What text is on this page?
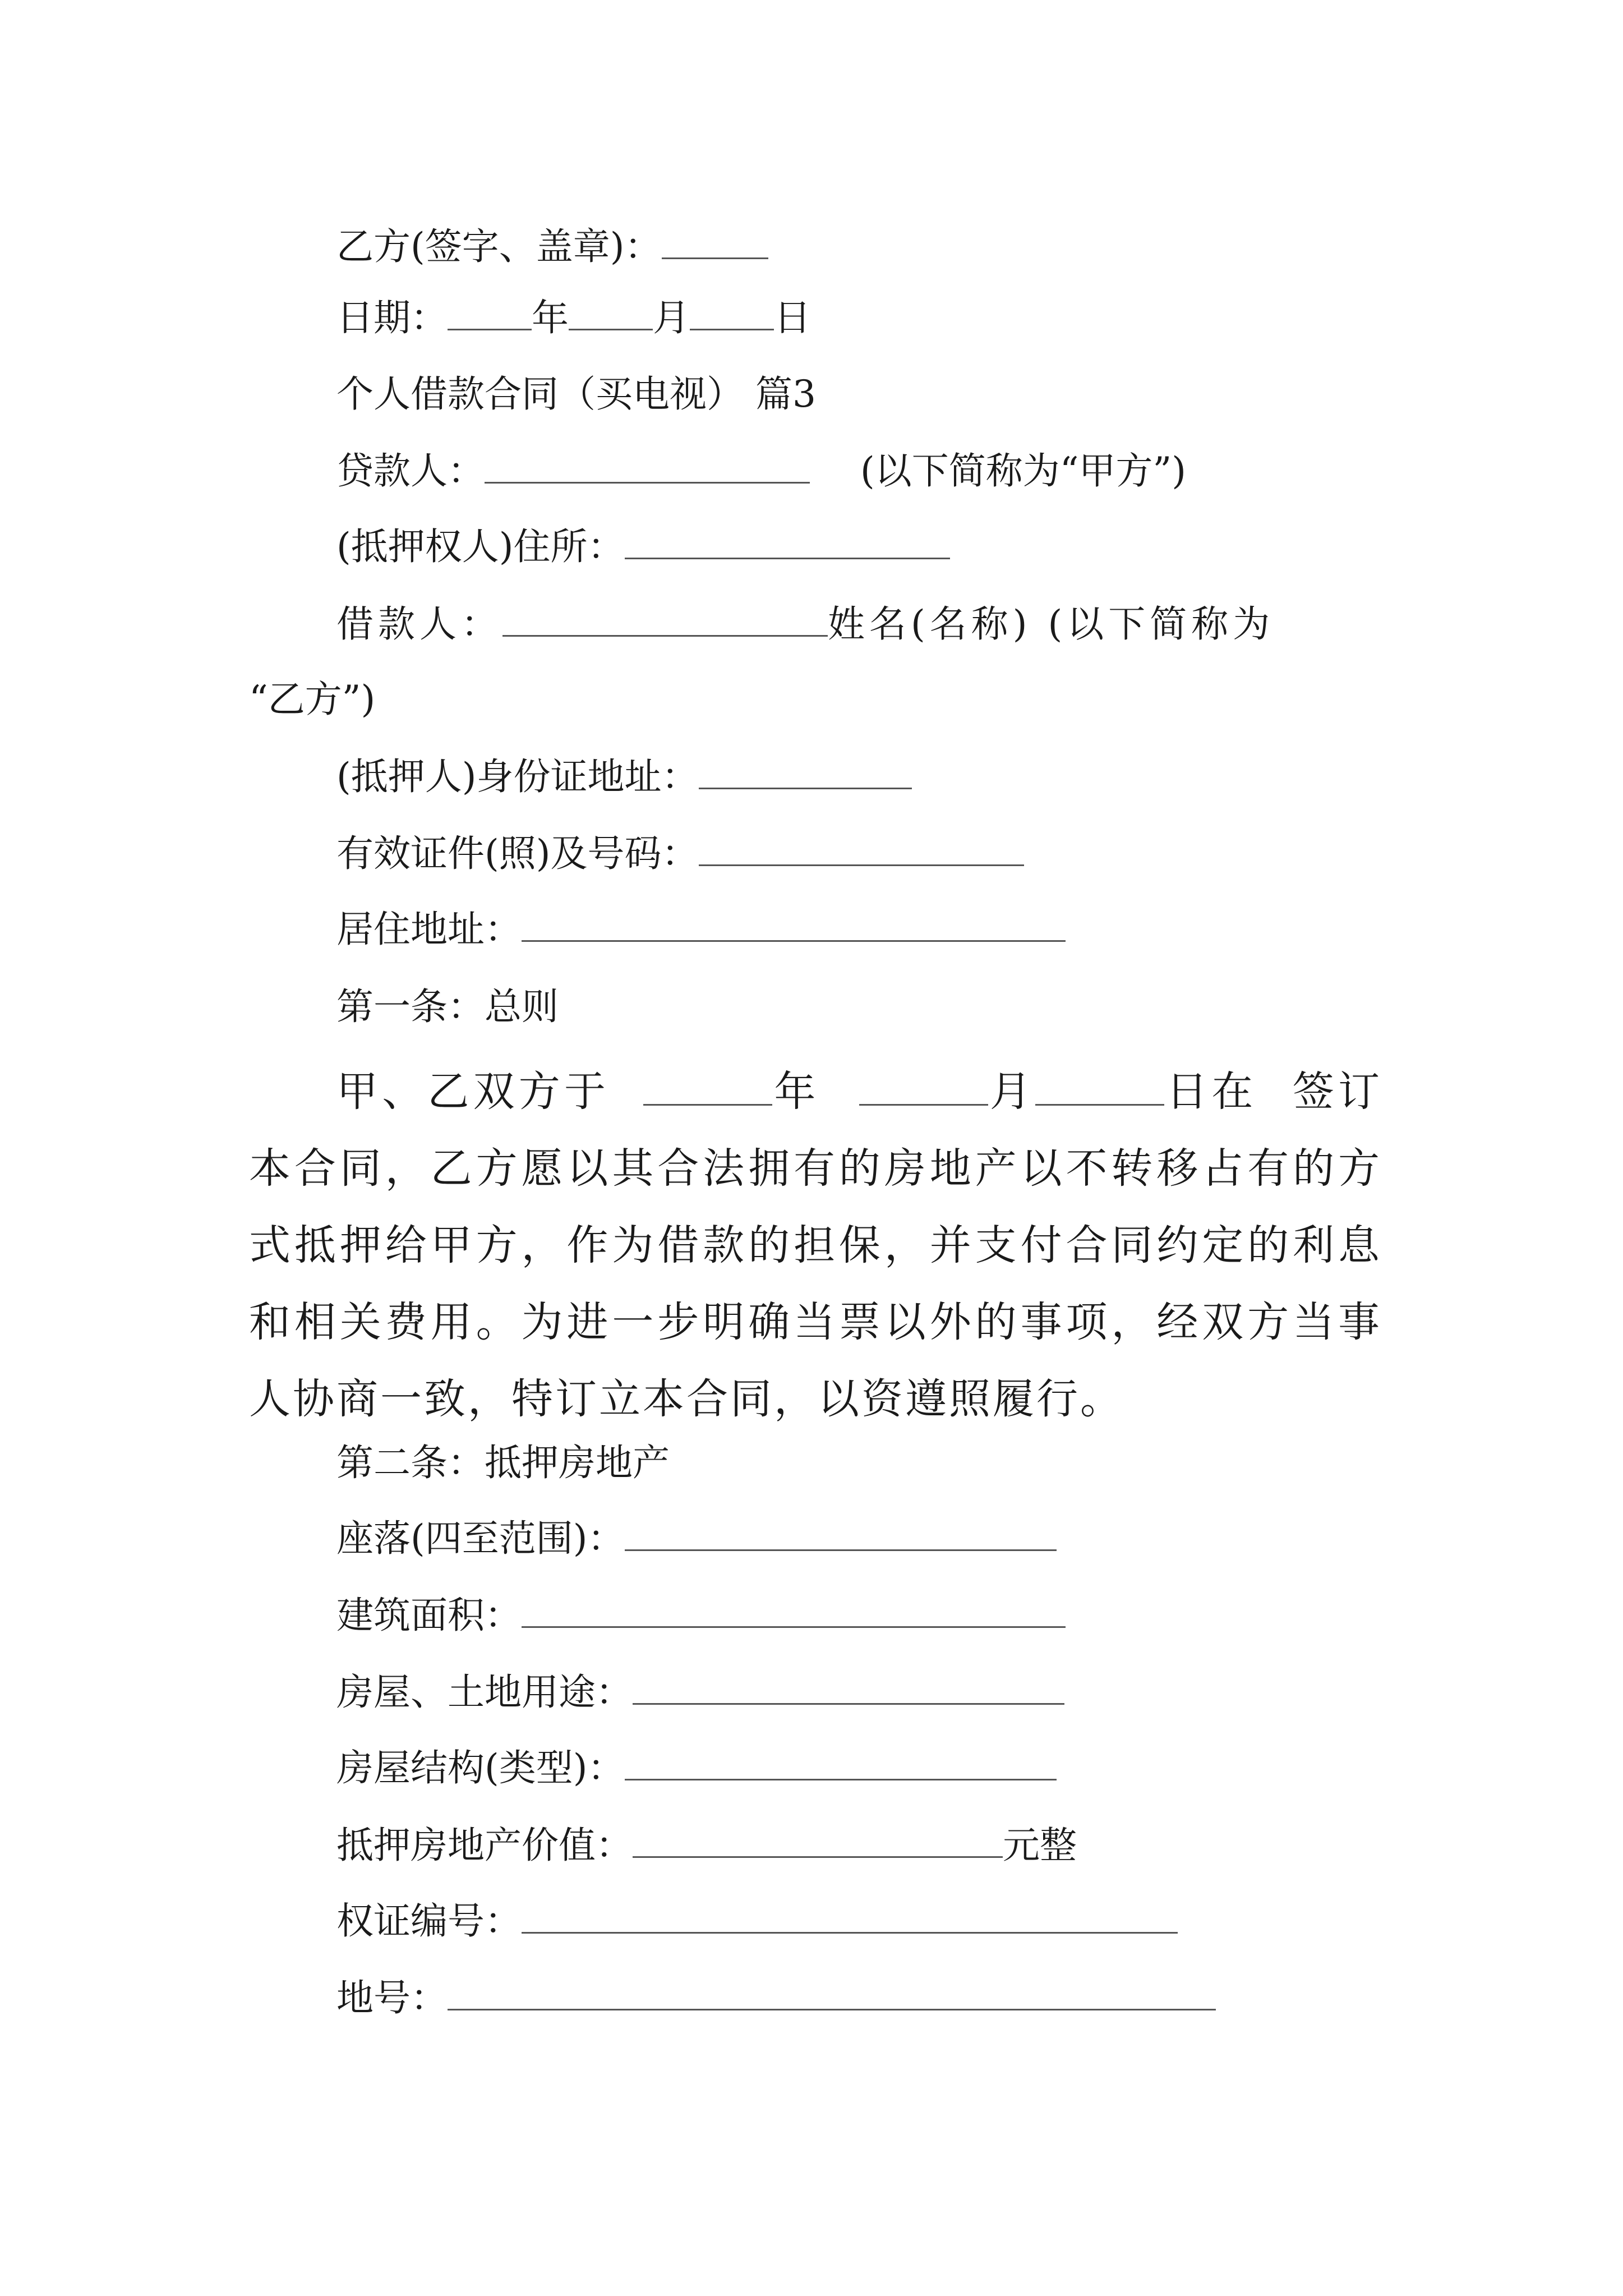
乙方(签字、盖章)：
日期： 年 月 日
个人借款合同（买电视） 篇3
贷款人：	(以下简称为“甲方”)
(抵押权人)住所：
借款人：	姓名(名称) (以下简称为
“乙方”)
(抵押人)身份证地址：
有效证件(照)及号码：
居住地址：
第一条：总则
甲、乙双方于	年	月	日在 签订本合同，乙方愿以其合法拥有的房地产以不转移占有的方式抵押给甲方，作为借款的担保，并支付合同约定的利息和相关费用。为进一步明确当票以外的事项，经双方当事人协商一致，特订立本合同，以资遵照履行。
第二条：抵押房地产
座落(四至范围)：
建筑面积：
房屋、土地用途：
房屋结构(类型)：
抵押房地产价值：	元整
权证编号：
地号：
